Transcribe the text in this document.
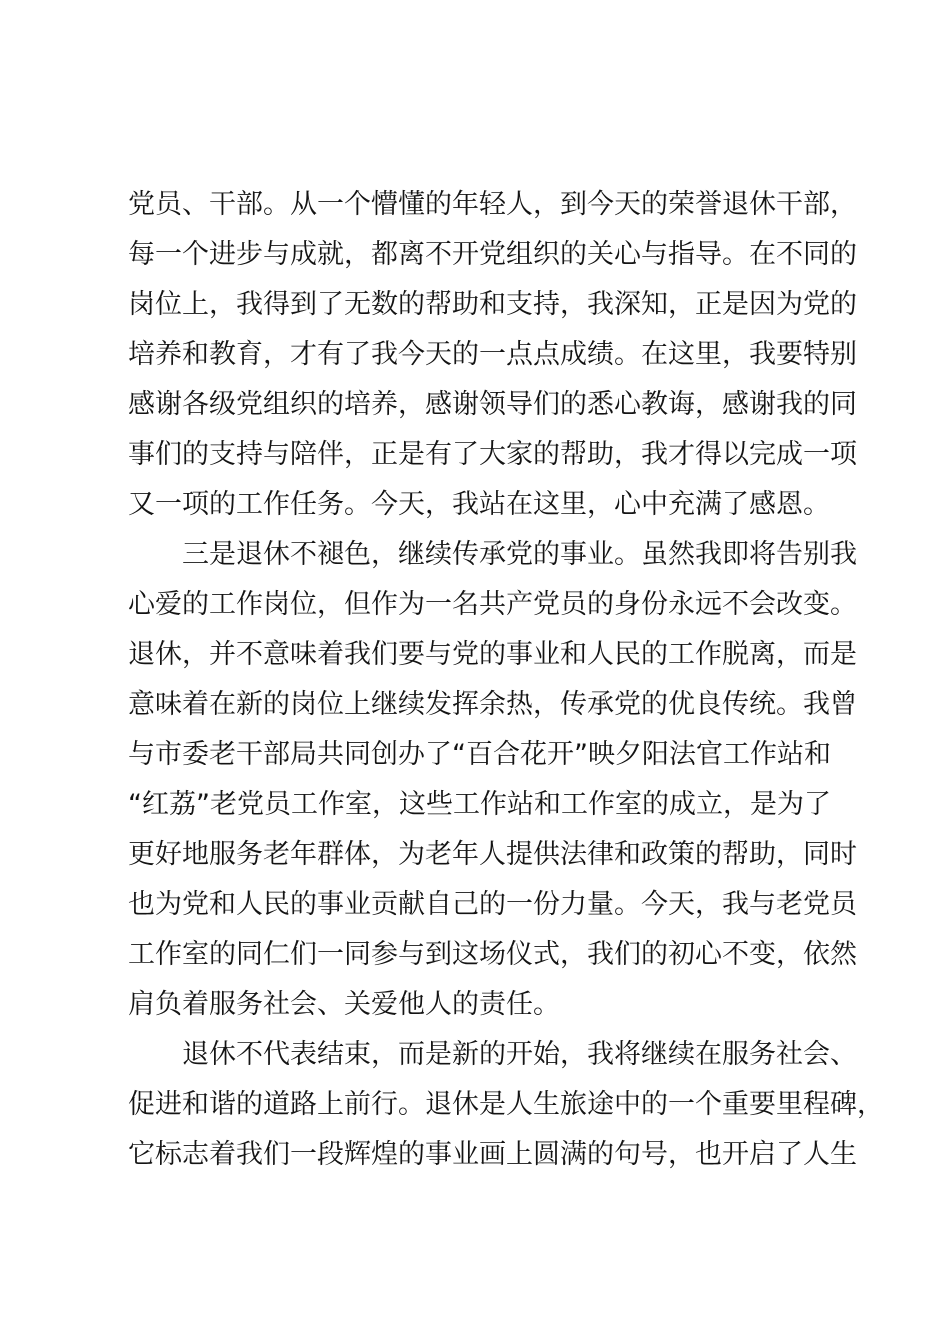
党员、干部。从一个懵懂的年轻人，到今天的荣誉退休干部，
每一个进步与成就，都离不开党组织的关心与指导。在不同的
岗位上，我得到了无数的帮助和支持，我深知，正是因为党的
培养和教育，才有了我今天的一点点成绩。在这里，我要特别
感谢各级党组织的培养，感谢领导们的悉心教诲，感谢我的同
事们的支持与陪伴，正是有了大家的帮助，我才得以完成一项
又一项的工作任务。今天，我站在这里，心中充满了感恩。
三是退休不褪色，继续传承党的事业。虽然我即将告别我
心爱的工作岗位，但作为一名共产党员的身份永远不会改变。
退休，并不意味着我们要与党的事业和人民的工作脱离，而是
意味着在新的岗位上继续发挥余热，传承党的优良传统。我曾
与市委老干部局共同创办了“百合花开”映夕阳法官工作站和
“红荔”老党员工作室，这些工作站和工作室的成立，是为了
更好地服务老年群体，为老年人提供法律和政策的帮助，同时
也为党和人民的事业贡献自己的一份力量。今天，我与老党员
工作室的同仁们一同参与到这场仪式，我们的初心不变，依然
肩负着服务社会、关爱他人的责任。
退休不代表结束，而是新的开始，我将继续在服务社会、
促进和谐的道路上前行。退休是人生旅途中的一个重要里程碑，
它标志着我们一段辉煌的事业画上圆满的句号，也开启了人生
